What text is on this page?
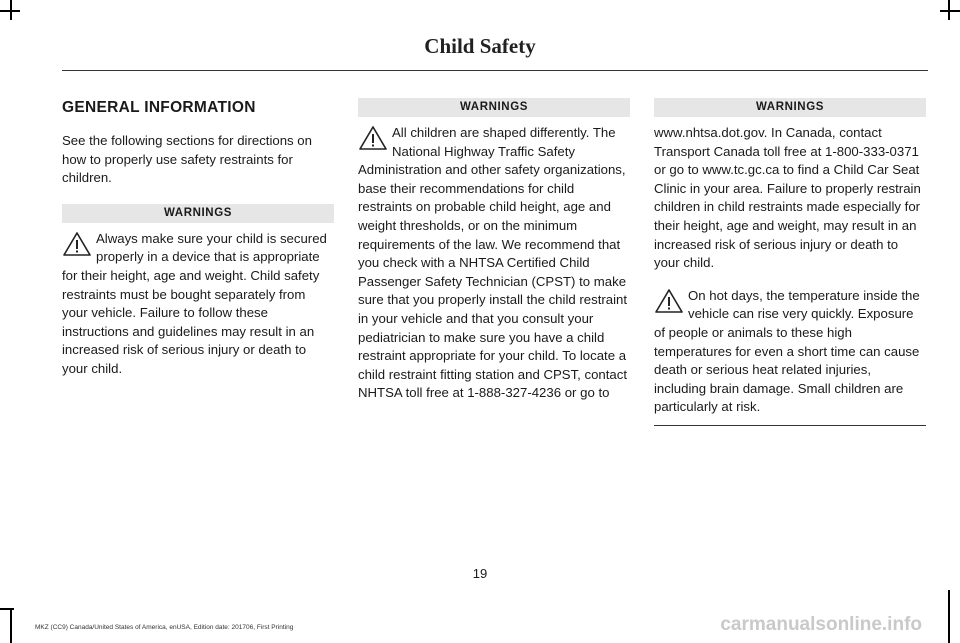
Child Safety
GENERAL INFORMATION

See the following sections for directions on how to properly use safety restraints for children.

WARNINGS

Always make sure your child is secured properly in a device that is appropriate for their height, age and weight. Child safety restraints must be bought separately from your vehicle. Failure to follow these instructions and guidelines may result in an increased risk of serious injury or death to your child.

WARNINGS

All children are shaped differently. The National Highway Traffic Safety Administration and other safety organizations, base their recommendations for child restraints on probable child height, age and weight thresholds, or on the minimum requirements of the law. We recommend that you check with a NHTSA Certified Child Passenger Safety Technician (CPST) to make sure that you properly install the child restraint in your vehicle and that you consult your pediatrician to make sure you have a child restraint appropriate for your child. To locate a child restraint fitting station and CPST, contact NHTSA toll free at 1-888-327-4236 or go to

WARNINGS

www.nhtsa.dot.gov. In Canada, contact Transport Canada toll free at 1-800-333-0371 or go to www.tc.gc.ca to find a Child Car Seat Clinic in your area. Failure to properly restrain children in child restraints made especially for their height, age and weight, may result in an increased risk of serious injury or death to your child.

On hot days, the temperature inside the vehicle can rise very quickly. Exposure of people or animals to these high temperatures for even a short time can cause death or serious heat related injuries, including brain damage. Small children are particularly at risk.

19
MKZ (CC9) Canada/United States of America, enUSA, Edition date: 201706, First Printing	carmanualsonline.info
